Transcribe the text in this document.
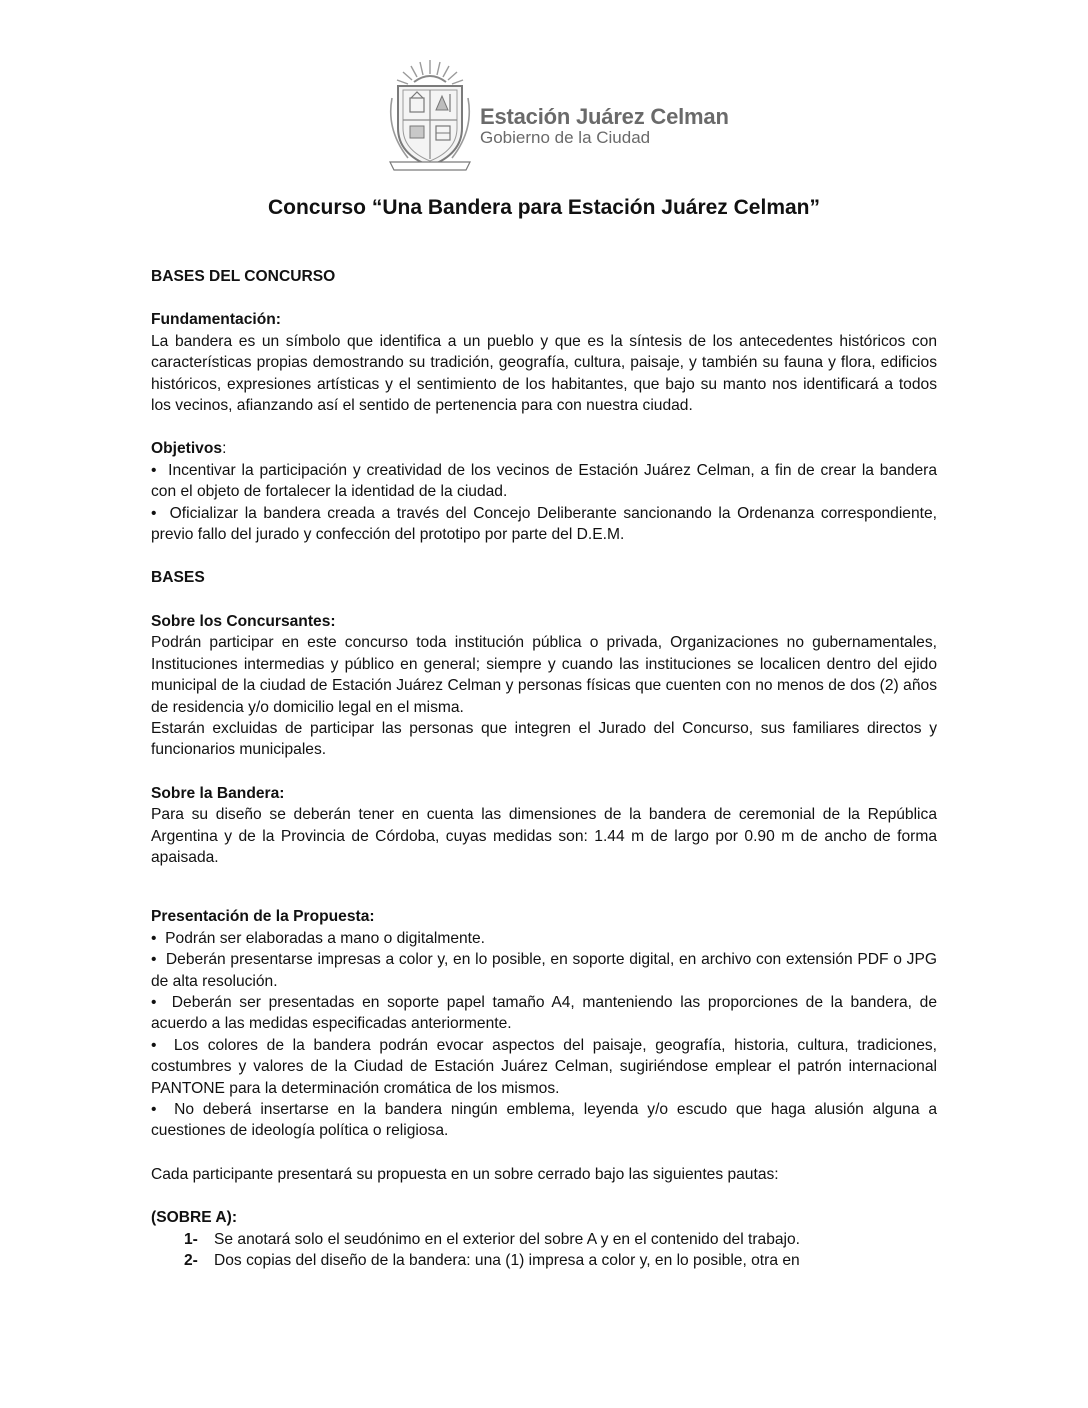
Estación Juárez Celman
Gobierno de la Ciudad
Concurso “Una Bandera para Estación Juárez Celman”

BASES DEL CONCURSO

Fundamentación:

La bandera es un símbolo que identifica a un pueblo y que es la síntesis de los antecedentes históricos con características propias demostrando su tradición, geografía, cultura, paisaje, y también su fauna y flora, edificios históricos, expresiones artísticas y el sentimiento de los habitantes, que bajo su manto nos identificará a todos los vecinos, afianzando así el sentido de pertenencia para con nuestra ciudad.

Objetivos:

• Incentivar la participación y creatividad de los vecinos de Estación Juárez Celman, a fin de crear la bandera con el objeto de fortalecer la identidad de la ciudad.

• Oficializar la bandera creada a través del Concejo Deliberante sancionando la Ordenanza correspondiente, previo fallo del jurado y confección del prototipo por parte del D.E.M.

BASES

Sobre los Concursantes:

Podrán participar en este concurso toda institución pública o privada, Organizaciones no gubernamentales, Instituciones intermedias y público en general; siempre y cuando las instituciones se localicen dentro del ejido municipal de la ciudad de Estación Juárez Celman y personas físicas que cuenten con no menos de dos (2) años de residencia y/o domicilio legal en el misma.

Estarán excluidas de participar las personas que integren el Jurado del Concurso, sus familiares directos y funcionarios municipales.

Sobre la Bandera:

Para su diseño se deberán tener en cuenta las dimensiones de la bandera de ceremonial de la República Argentina y de la Provincia de Córdoba, cuyas medidas son: 1.44 m de largo por 0.90 m de ancho de forma apaisada.

Presentación de la Propuesta:

• Podrán ser elaboradas a mano o digitalmente.

• Deberán presentarse impresas a color y, en lo posible, en soporte digital, en archivo con extensión PDF o JPG de alta resolución.

• Deberán ser presentadas en soporte papel tamaño A4, manteniendo las proporciones de la bandera, de acuerdo a las medidas especificadas anteriormente.

• Los colores de la bandera podrán evocar aspectos del paisaje, geografía, historia, cultura, tradiciones, costumbres y valores de la Ciudad de Estación Juárez Celman, sugiriéndose emplear el patrón internacional PANTONE para la determinación cromática de los mismos.

• No deberá insertarse en la bandera ningún emblema, leyenda y/o escudo que haga alusión alguna a cuestiones de ideología política o religiosa.

Cada participante presentará su propuesta en un sobre cerrado bajo las siguientes pautas:

(SOBRE A):

1-	Se anotará solo el seudónimo en el exterior del sobre A y en el contenido del trabajo.
2-	Dos copias del diseño de la bandera: una (1) impresa a color y, en lo posible, otra en
